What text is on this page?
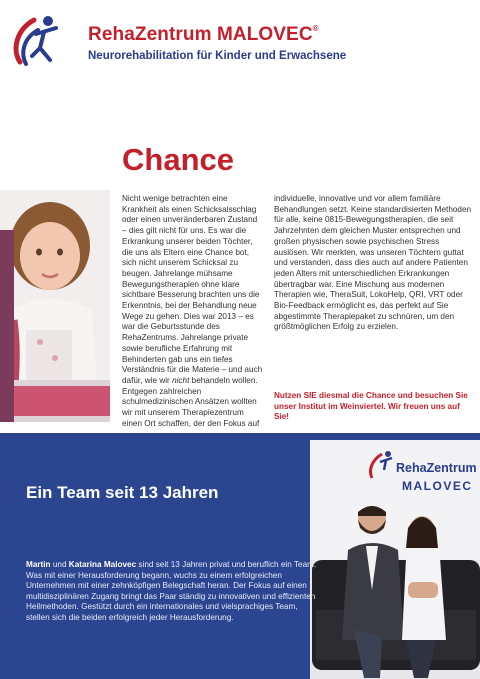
RehaZentrum MALOVEC®
Neurorehabilitation für Kinder und Erwachsene
Chance

Nicht wenige betrachten eine Krankheit als einen Schicksalsschlag oder einen unveränderbaren Zustand – dies gilt nicht für uns. Es war die Erkrankung unserer beiden Töchter, die uns als Eltern eine Chance bot, sich nicht unserem Schicksal zu beugen. Jahrelange mühsame Bewegungstherapien ohne klare sichtbare Besserung brachten uns die Erkenntnis, bei der Behandlung neue Wege zu gehen. Dies war 2013 – es war die Geburtsstunde des RehaZentrums. Jahrelange private sowie berufliche Erfahrung mit Behinderten gab uns ein tiefes Verständnis für die Materie – und auch dafür, wie wir nicht behandeln wollen. Entgegen zahlreichen schulmedizinischen Ansätzen wollten wir mit unserem Therapiezentrum einen Ort schaffen, der den Fokus auf

individuelle, innovative und vor allem familiäre Behandlungen setzt. Keine standardisierten Methoden für alle, keine 0815-Bewegungstherapien, die seit Jahrzehnten dem gleichen Muster entsprechen und großen physischen sowie psychischen Stress auslösen. Wir merkten, was unseren Töchtern guttat und verstanden, dass dies auch auf andere Patienten jeden Alters mit unterschiedlichen Erkrankungen übertragbar war. Eine Mischung aus modernen Therapien wie, TheraSuit, LokoHelp, QRI, VRT oder Bio-Feedback ermöglicht es, das perfekt auf Sie abgestimmte Therapiepaket zu schnüren, um den größtmöglichen Erfolg zu erzielen.

Nutzen SIE diesmal die Chance und besuchen Sie unser Institut im Weinviertel. Wir freuen uns auf Sie!
RehaZentrum
MALOVEC
Ein Team seit 13 Jahren
Martin und Katarina Malovec sind seit 13 Jahren privat und beruflich ein Team. Was mit einer Herausforderung begann, wuchs zu einem erfolgreichen Unternehmen mit einer zehnköpfigen Belegschaft heran. Der Fokus auf einen multidisziplinären Zugang bringt das Paar ständig zu innovativen und effizienten Heilmethoden. Gestützt durch ein internationales und vielsprachiges Team, stellen sich die beiden erfolgreich jeder Herausforderung.
